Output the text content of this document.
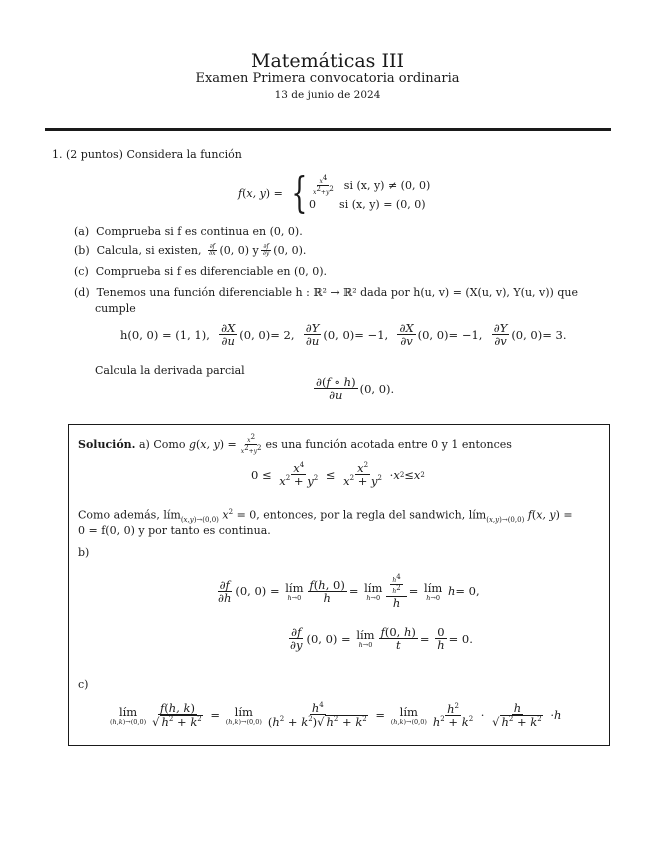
Matemáticas III
Examen Primera convocatoria ordinaria
13 de junio de 2024
1. (2 puntos) Considera la función
f ( x, y ) = { $\frac{x^4}{x^2+y^2}$ si (x, y) ≠ (0, 0)
0	si (x, y) = (0, 0)
(a) Comprueba si f es continua en (0, 0).
(b)
Calcula, si existen,
$\frac{\partial f}{\partial x} (0$, 0) y $\frac{\partial f}{\partial y} (0$, 0).
(c) Comprueba si f es diferenciable en (0, 0).
(d) Tenemos una función diferenciable h : ℝ² → ℝ² dada por h(u, v) = (X(u, v), Y(u, v)) que
cumple
h(0, 0) = (1, 1),
$\frac{\partial X}{\partial u} (0$, 0) = 2,
$\frac{\partial Y}{\partial u} (0$, 0) = −1,
$\frac{\partial X}{\partial v} (0$, 0) = −1,
$\frac{\partial Y}{\partial v} (0$, 0) = 3.
Calcula la derivada parcial
$\frac{\partial(f \circ h)}{\partial u} (0$, 0).
Solución.
a) Como
g ( x, y ) = $\frac{x^2}{x^2+y^2}$ es una función acotada entre 0 y 1 entonces
$0 \le \frac{x^4}{x^2 + y^2} \le \frac{x^2}{x^2 + y^2} \cdot x$ 2 ≤ x 2
Como además, lím$_{(x,y)\to(0,0)}$ $x^2 = 0$, entonces, por la regla del sandwich, lím$_{(x,y)\to(0,0)}$ f(x, y) =
0 = f(0, 0) y por tanto es continua.
b)
$\frac{\partial f}{\partial h} (0$, 0) = lím
$h\to 0 \frac{f(h, 0)}{h}$ = lím
$h\to 0 \frac{\frac{h^4}{h^2}}{h}$ = lím
h→0
h = 0,
$\frac{\partial f}{\partial y} (0$, 0) = lím
$h\to 0 \frac{f(0, h)}{t} = \frac{0}{h} = 0$.
c)
lím
$(h,k)\to(0,0) \frac{f(h, k)}{√ h^2 + k^2}$ = lím
$(h,k)\to(0,0) \frac{h^4}{(h^2 + k^2)√ h^2 + k^2}$ = lím
$(h,k)\to(0,0) \frac{h^2}{h^2 + k^2} \cdot \frac{h}{√ h^2 + k^2} \cdot h$
